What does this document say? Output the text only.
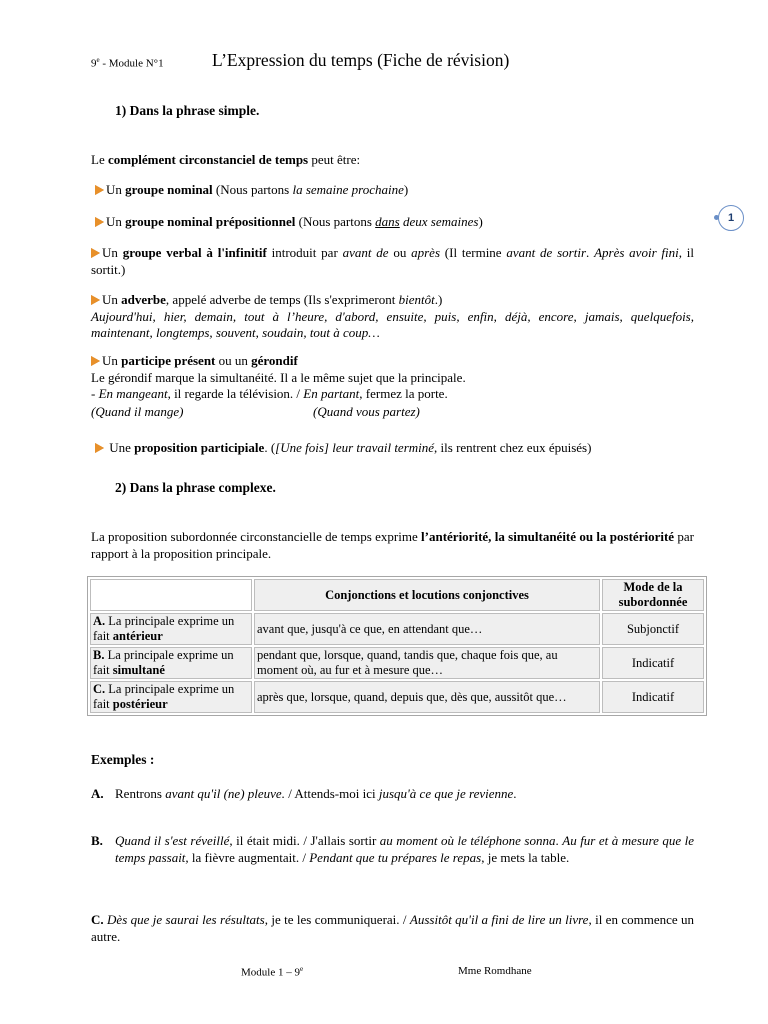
9e - Module N°1	L’Expression du temps (Fiche de révision)
1
1) Dans la phrase simple.
Le complément circonstanciel de temps peut être:
Un groupe nominal (Nous partons la semaine prochaine)
Un groupe nominal prépositionnel (Nous partons dans deux semaines)
Un groupe verbal à l'infinitif introduit par avant de ou après (Il termine avant de sortir. Après avoir fini, il sortit.)
Un adverbe, appelé adverbe de temps (Ils s'exprimeront bientôt.)
Aujourd'hui, hier, demain, tout à l’heure, d'abord, ensuite, puis, enfin, déjà, encore, jamais, quelquefois, maintenant, longtemps, souvent, soudain, tout à coup…
Un participe présent ou un gérondif
Le gérondif marque la simultanéité. Il a le même sujet que la principale.
- En mangeant, il regarde la télévision. / En partant, fermez la porte.
(Quand il mange)	(Quand vous partez)
Une proposition participiale. ([Une fois] leur travail terminé, ils rentrent chez eux épuisés)
2) Dans la phrase complexe.
La proposition subordonnée circonstancielle de temps exprime l’antériorité, la simultanéité ou la postériorité par rapport à la proposition principale.
	Conjonctions et locutions conjonctives	Mode de la subordonnée
A. La principale exprime un fait antérieur	avant que, jusqu'à ce que, en attendant que…	Subjonctif
B. La principale exprime un fait simultané	pendant que, lorsque, quand, tandis que, chaque fois que, au moment où, au fur et à mesure que…	Indicatif
C. La principale exprime un fait postérieur	après que, lorsque, quand, depuis que, dès que, aussitôt que…	Indicatif
Exemples :
A. Rentrons avant qu'il (ne) pleuve. / Attends-moi ici jusqu'à ce que je revienne.
B. Quand il s'est réveillé, il était midi. / J'allais sortir au moment où le téléphone sonna. Au fur et à mesure que le temps passait, la fièvre augmentait. / Pendant que tu prépares le repas, je mets la table.
C. Dès que je saurai les résultats, je te les communiquerai. / Aussitôt qu'il a fini de lire un livre, il en commence un autre.
Module 1 – 9e	Mme Romdhane
